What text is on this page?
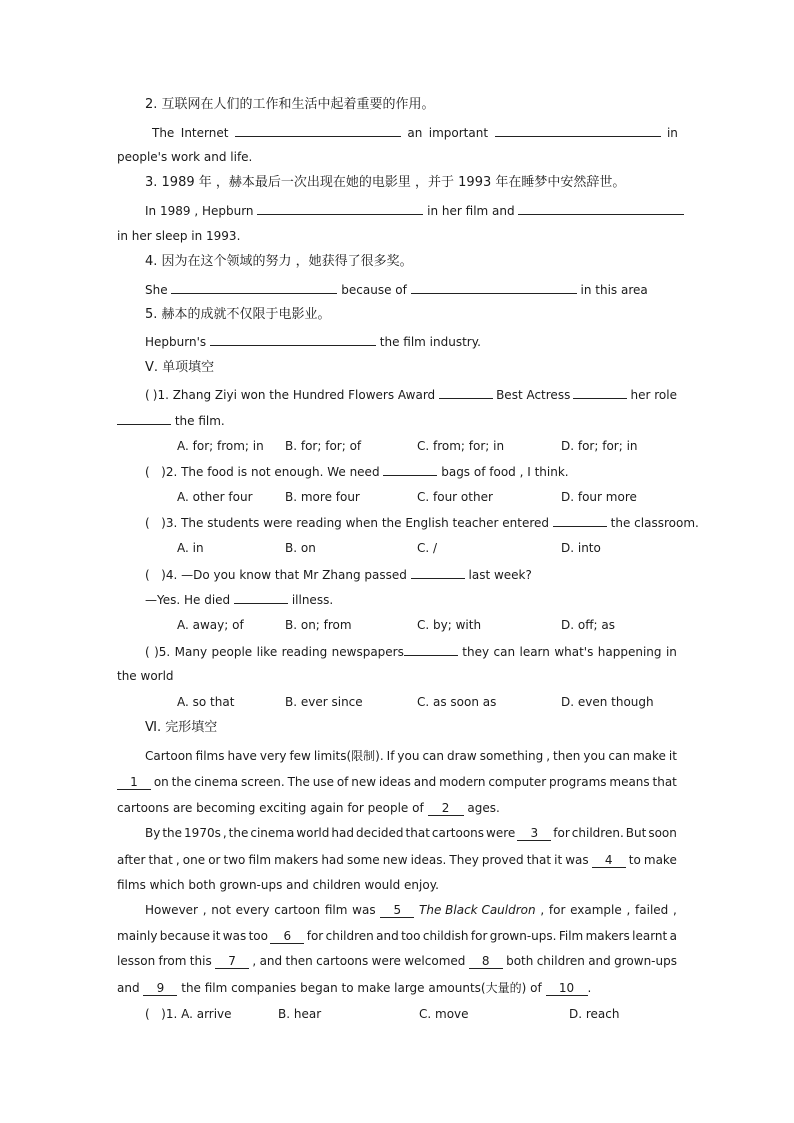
2. 互联网在人们的工作和生活中起着重要的作用。
The Internet	an important	in
people's work and life.
3. 1989 年 ，赫本最后一次出现在她的电影里 ，并于 1993 年在睡梦中安然辞世。
In 1989 , Hepburn	in her film and
in her sleep in 1993.
4. 因为在这个领域的努力 ，她获得了很多奖。
She	because of	in this area
5. 赫本的成就不仅限于电影业。
Hepburn's	the film industry.
Ⅴ. 单项填空
( )1. Zhang Ziyi won the Hundred Flowers Award	Best Actress	her role
the film.
A. for; from; in B. for; for; of	C. from; for; in	D. for; for; in
( )2. The food is not enough. We need	bags of food , I think.
A. other four	B. more four	C. four other	D. four more
( )3. The students were reading when the English teacher entered	the classroom.
A. in	B. on	C. /	D. into
( )4. —Do you know that Mr Zhang passed	last week?
—Yes. He died	illness.
A. away; of	B. on; from	C. by; with	D. off; as
( )5. Many people like reading newspapers	they can learn what's happening in
the world
A. so that	B. ever since	C. as soon as	D. even though
Ⅵ. 完形填空
Cartoon films have very few limits(限制). If you can draw something , then you can make it
1	on the cinema screen. The use of new ideas and modern computer programs means that
cartoons are becoming exciting again for people of 2 ages.
By the 1970s , the cinema world had decided that cartoons were	3	for children. But soon
after that , one or two film makers had some new ideas. They proved that it was	4	to make
films which both grown-ups and children would enjoy.
However , not every cartoon film was	5	The Black Cauldron , for example , failed ,
mainly because it was too	6	for children and too childish for grown-ups. Film makers learnt a
lesson from this	7	, and then cartoons were welcomed	8	both children and grown-ups
and 9 the film companies began to make large amounts(大量的) of 10 .
( )1. A. arrive	B. hear	C. move	D. reach
